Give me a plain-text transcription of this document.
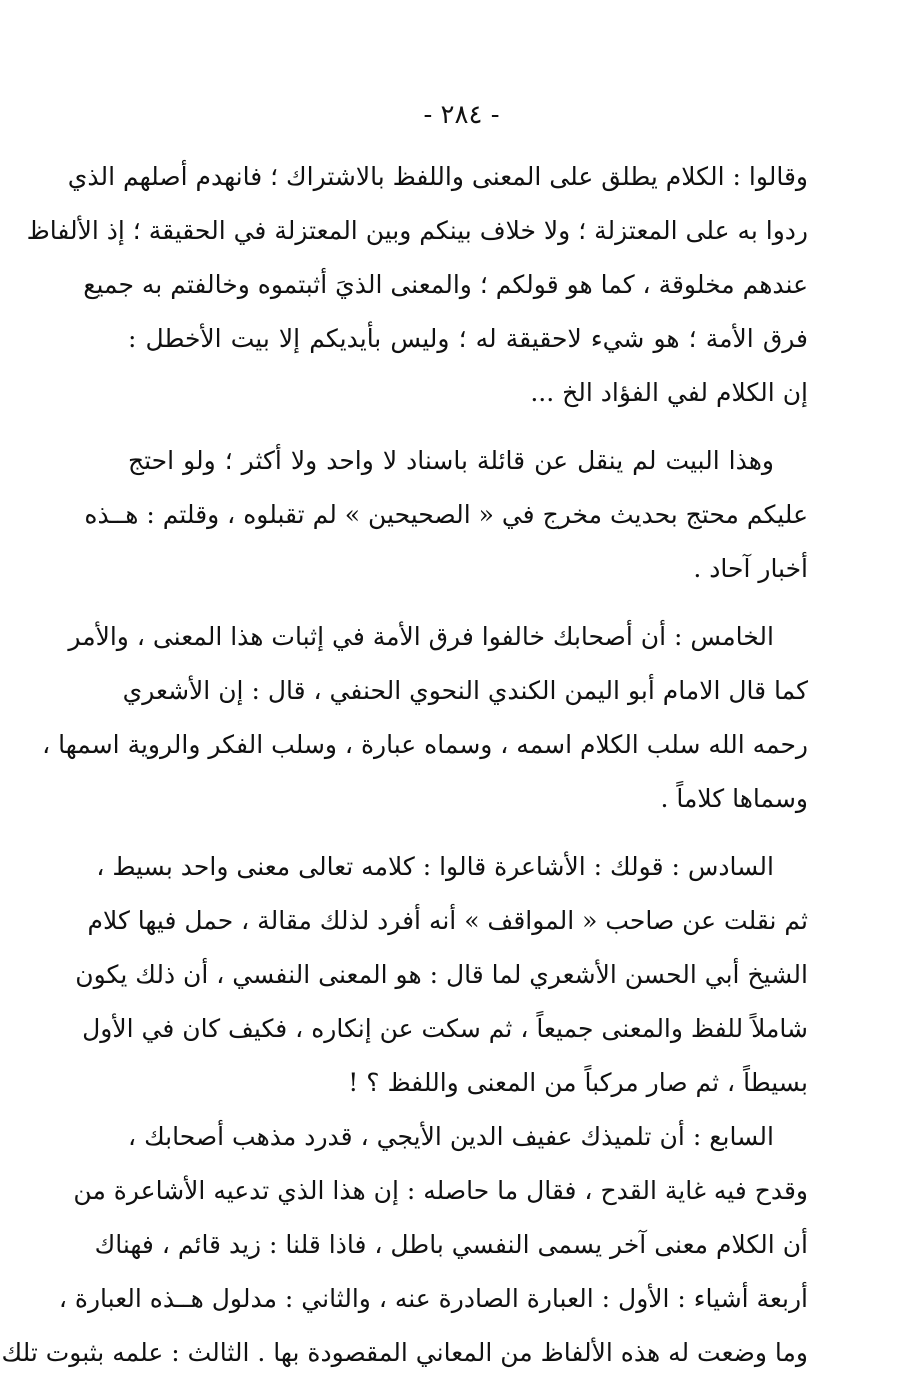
- ٢٨٤ -
وقالوا : الكلام يطلق على المعنى واللفظ بالاشتراك ؛ فانهدم أصلهم الذي
ردوا به على المعتزلة ؛ ولا خلاف بينكم وبين المعتزلة في الحقيقة ؛ إذ الألفاظ
عندهم مخلوقة ، كما هو قولكم ؛ والمعنى الذيَ أثبتموه وخالفتم به جميع
فرق الأمة ؛ هو شيء لاحقيقة له ؛ وليس بأيديكم إلا بيت الأخطل :
إن الكلام لفي الفؤاد الخ ...
وهذا البيت لم ينقل عن قائلة باسناد لا واحد ولا أكثر ؛ ولو احتج
عليكم محتج بحديث مخرج في « الصحيحين » لم تقبلوه ، وقلتم : هــذه
أخبار آحاد .
الخامس : أن أصحابك خالفوا فرق الأمة في إثبات هذا المعنى ، والأمر
كما قال الامام أبو اليمن الكندي النحوي الحنفي ، قال : إن الأشعري
رحمه الله سلب الكلام اسمه ، وسماه عبارة ، وسلب الفكر والروية اسمها ،
وسماها كلاماً .
السادس : قولك : الأشاعرة قالوا : كلامه تعالى معنى واحد بسيط ،
ثم نقلت عن صاحب « المواقف » أنه أفرد لذلك مقالة ، حمل فيها كلام
الشيخ أبي الحسن الأشعري لما قال : هو المعنى النفسي ، أن ذلك يكون
شاملاً للفظ والمعنى جميعاً ، ثم سكت عن إنكاره ، فكيف كان في الأول
بسيطاً ، ثم صار مركباً من المعنى واللفظ ؟ !
السابع : أن تلميذك عفيف الدين الأيجي ، قدرد مذهب أصحابك ،
وقدح فيه غاية القدح ، فقال ما حاصله : إن هذا الذي تدعيه الأشاعرة من
أن الكلام معنى آخر يسمى النفسي باطل ، فاذا قلنا : زيد قائم ، فهناك
أربعة أشياء : الأول : العبارة الصادرة عنه ، والثاني : مدلول هــذه العبارة ،
وما وضعت له هذه الألفاظ من المعاني المقصودة بها . الثالث : علمه بثبوت تلك
